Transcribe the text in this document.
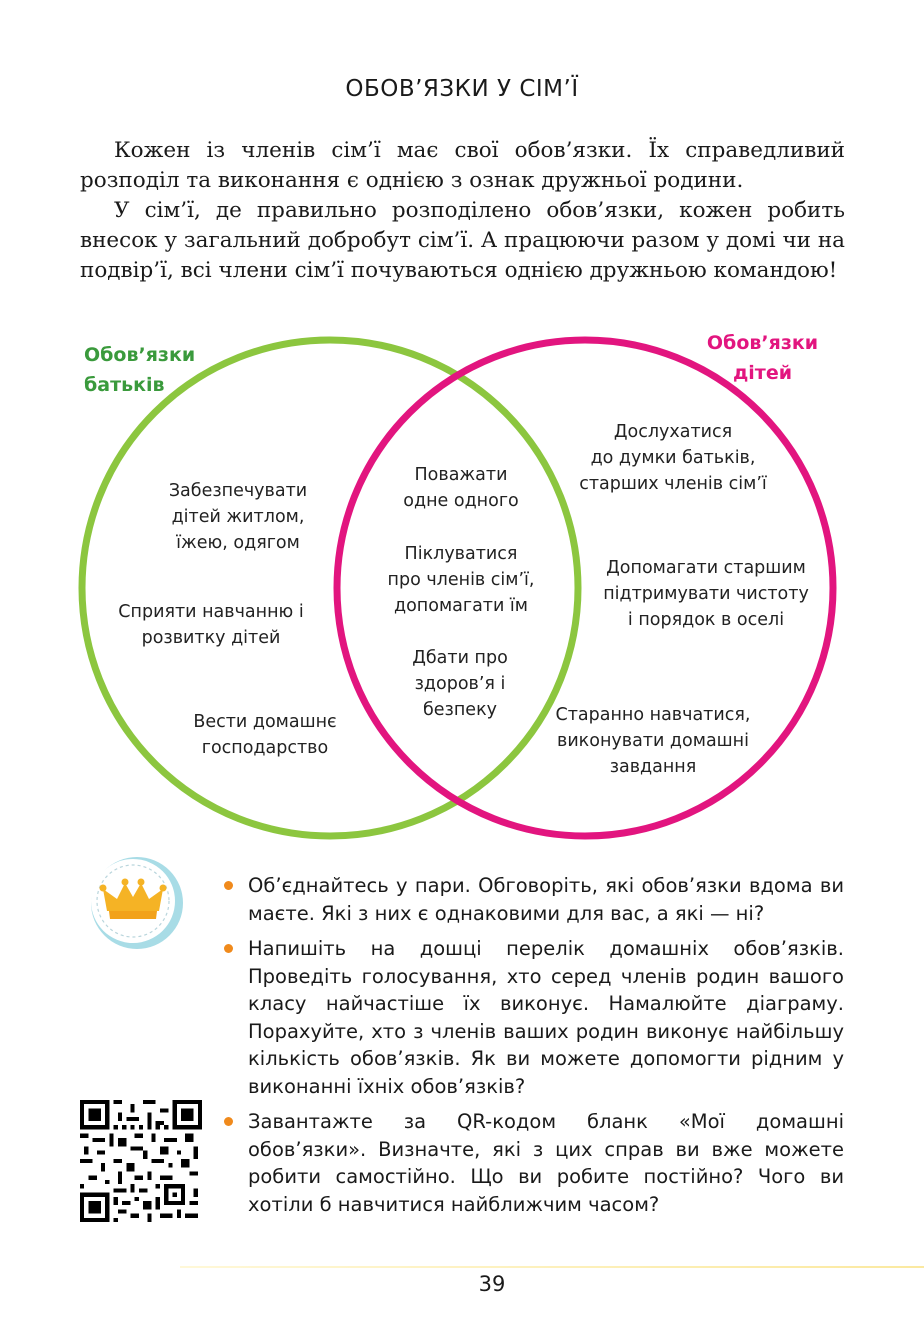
ОБОВ’ЯЗКИ У СІМ’Ї

Кожен із членів сім’ї має свої обов’язки. Їх справедливий розподіл та виконання є однією з ознак дружньої родини.

У сім’ї, де правильно розподілено обов’язки, кожен робить внесок у загальний добробут сім’ї. А працюючи разом у домі чи на подвір’ї, всі члени сім’ї почуваються однією дружньою командою!

Обов’язки
батьків
Обов’язки
дітей
Забезпечувати
дітей житлом,
їжею, одягом
Сприяти навчанню і
розвитку дітей
Вести домашнє
господарство
Поважати
одне одного
Піклуватися
про членів сім’ї,
допомагати їм
Дбати про
здоров’я і
безпеку
Дослухатися
до думки батьків,
старших членів сім’ї
Допомагати старшим
підтримувати чистоту
і порядок в оселі
Старанно навчатися,
виконувати домашні
завдання
Об’єднайтесь у пари. Обговоріть, які обов’язки вдома ви маєте. Які з них є однаковими для вас, а які — ні?
Напишіть на дошці перелік домашніх обов’язків. Проведіть голосування, хто серед членів родин вашого класу найчастіше їх виконує. Намалюйте діаграму. Порахуйте, хто з членів ваших родин виконує найбільшу кількість обов’язків. Як ви можете допомогти рідним у виконанні їхніх обов’язків?
Завантажте за QR-кодом бланк «Мої домашні обов’язки». Визначте, які з цих справ ви вже можете робити самостійно. Що ви робите постійно? Чого ви хотіли б навчитися найближчим часом?
39
